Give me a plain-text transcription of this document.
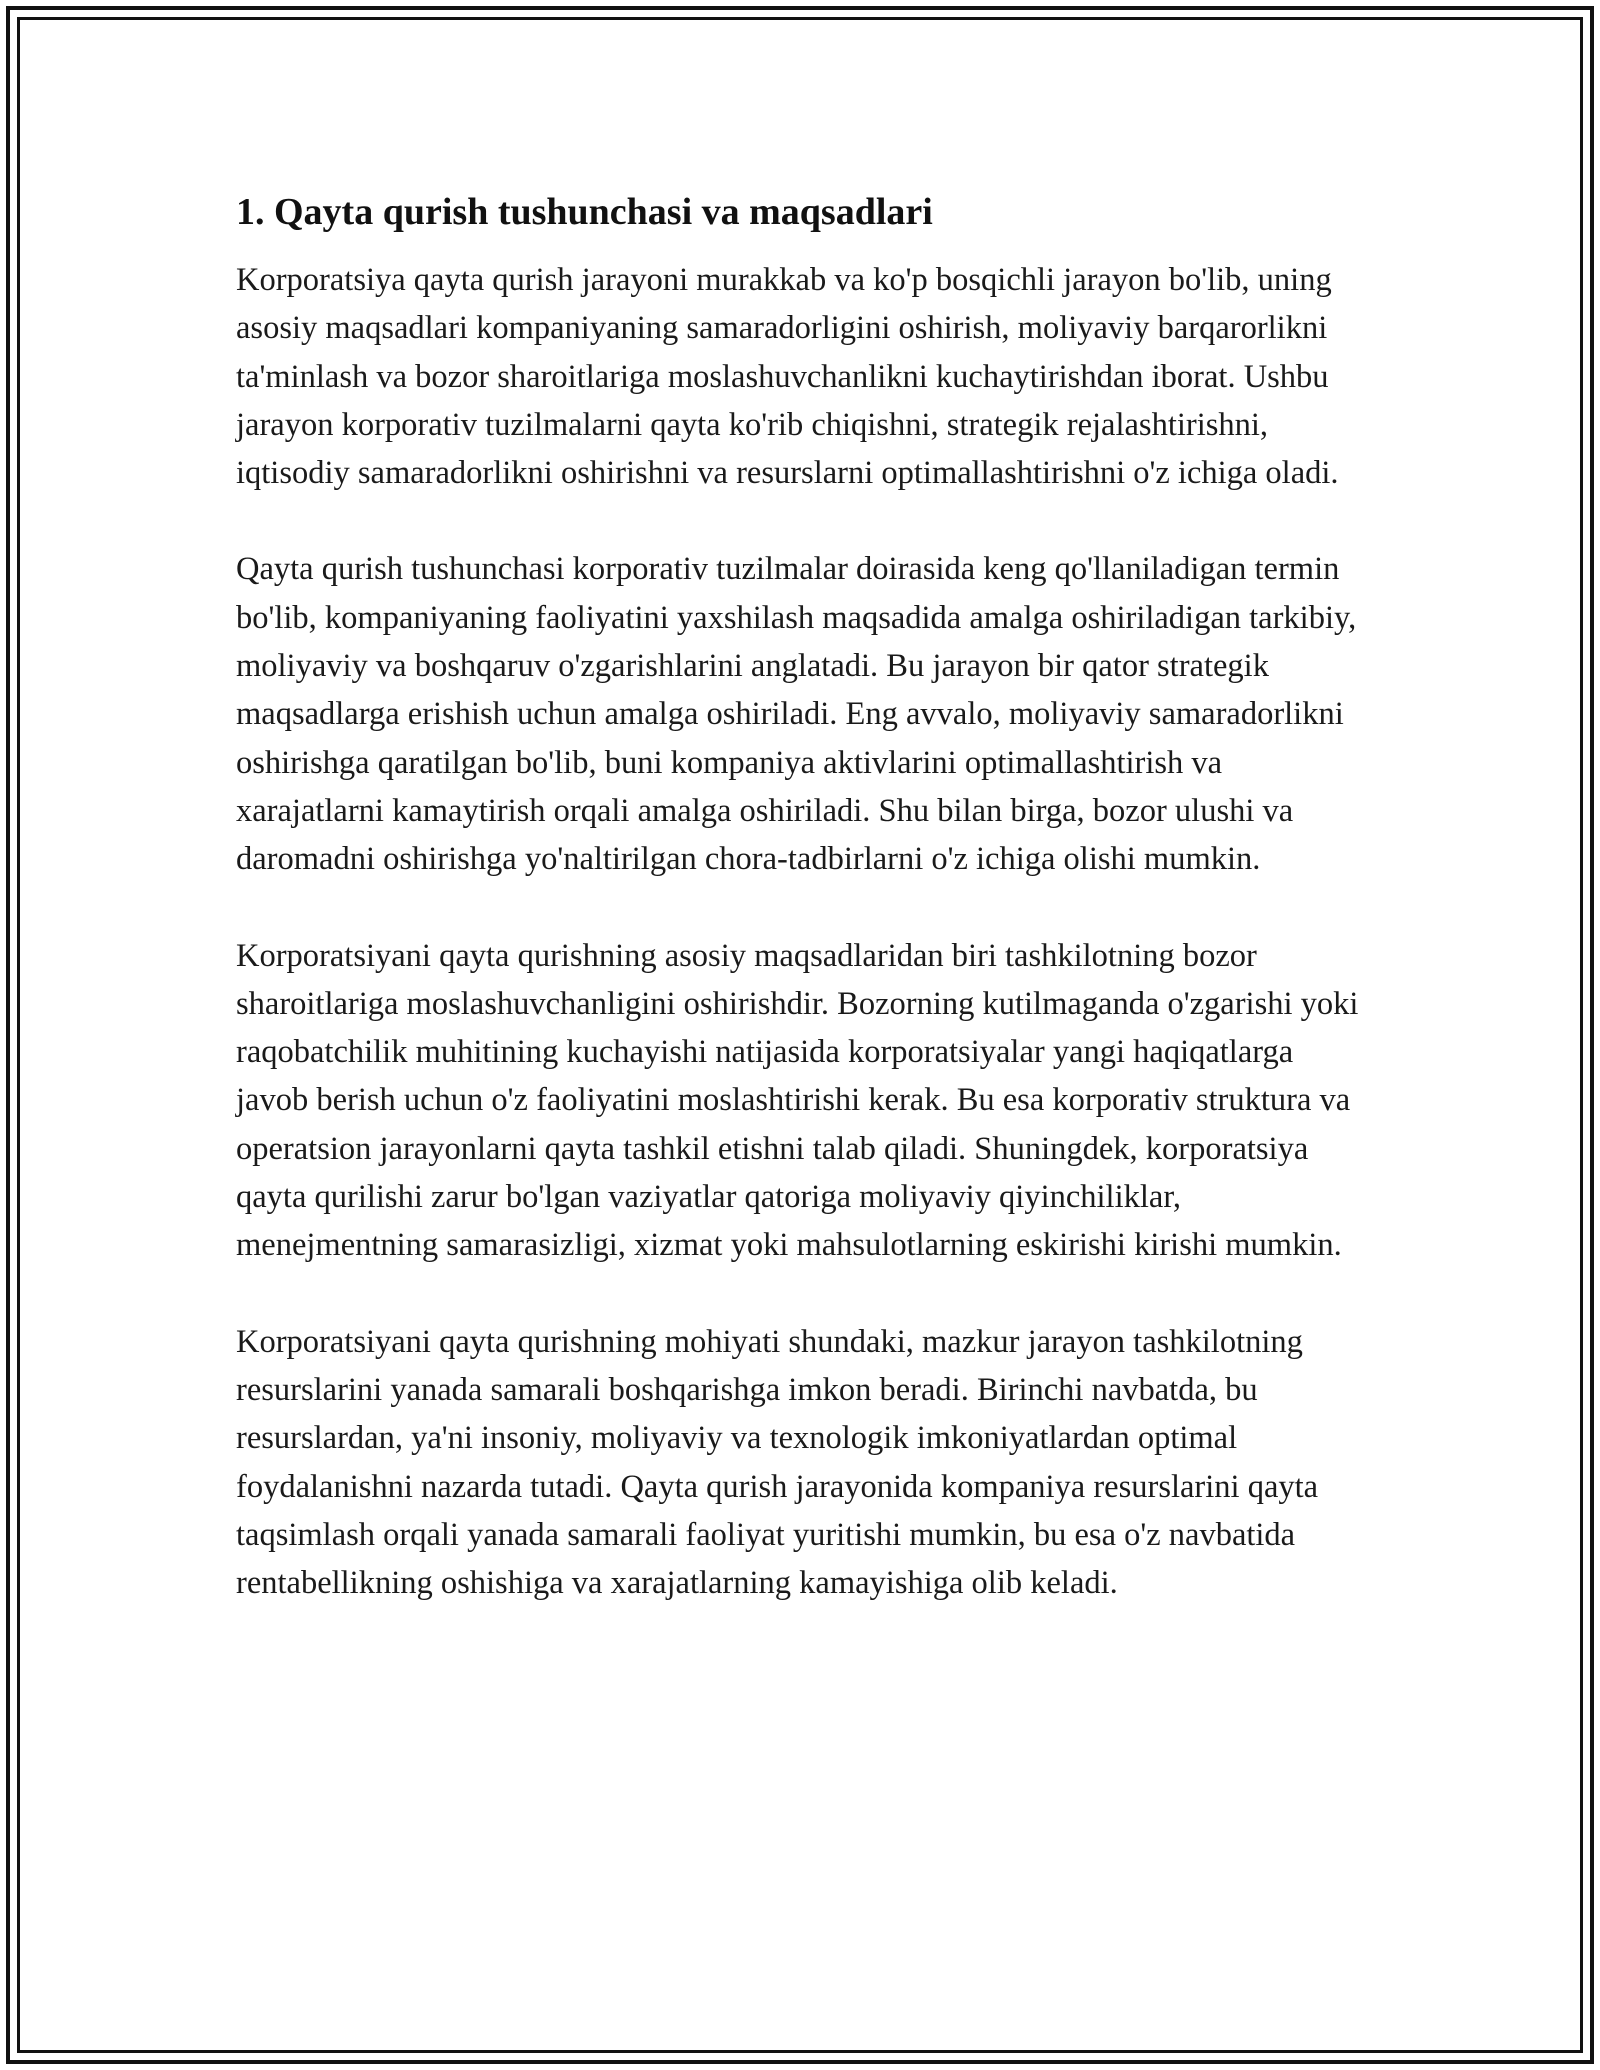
1. Qayta qurish tushunchasi va maqsadlari

Korporatsiya qayta qurish jarayoni murakkab va ko'p bosqichli jarayon bo'lib, uning asosiy maqsadlari kompaniyaning samaradorligini oshirish, moliyaviy barqarorlikni ta'minlash va bozor sharoitlariga moslashuvchanlikni kuchaytirishdan iborat. Ushbu jarayon korporativ tuzilmalarni qayta ko'rib chiqishni, strategik rejalashtirishni, iqtisodiy samaradorlikni oshirishni va resurslarni optimallashtirishni o'z ichiga oladi.

Qayta qurish tushunchasi korporativ tuzilmalar doirasida keng qo'llaniladigan termin bo'lib, kompaniyaning faoliyatini yaxshilash maqsadida amalga oshiriladigan tarkibiy, moliyaviy va boshqaruv o'zgarishlarini anglatadi. Bu jarayon bir qator strategik maqsadlarga erishish uchun amalga oshiriladi. Eng avvalo, moliyaviy samaradorlikni oshirishga qaratilgan bo'lib, buni kompaniya aktivlarini optimallashtirish va xarajatlarni kamaytirish orqali amalga oshiriladi. Shu bilan birga, bozor ulushi va daromadni oshirishga yo'naltirilgan chora-tadbirlarni o'z ichiga olishi mumkin.

Korporatsiyani qayta qurishning asosiy maqsadlaridan biri tashkilotning bozor sharoitlariga moslashuvchanligini oshirishdir. Bozorning kutilmaganda o'zgarishi yoki raqobatchilik muhitining kuchayishi natijasida korporatsiyalar yangi haqiqatlarga javob berish uchun o'z faoliyatini moslashtirishi kerak. Bu esa korporativ struktura va operatsion jarayonlarni qayta tashkil etishni talab qiladi. Shuningdek, korporatsiya qayta qurilishi zarur bo'lgan vaziyatlar qatoriga moliyaviy qiyinchiliklar, menejmentning samarasizligi, xizmat yoki mahsulotlarning eskirishi kirishi mumkin.

Korporatsiyani qayta qurishning mohiyati shundaki, mazkur jarayon tashkilotning resurslarini yanada samarali boshqarishga imkon beradi. Birinchi navbatda, bu resurslardan, ya'ni insoniy, moliyaviy va texnologik imkoniyatlardan optimal foydalanishni nazarda tutadi. Qayta qurish jarayonida kompaniya resurslarini qayta taqsimlash orqali yanada samarali faoliyat yuritishi mumkin, bu esa o'z navbatida rentabellikning oshishiga va xarajatlarning kamayishiga olib keladi.
